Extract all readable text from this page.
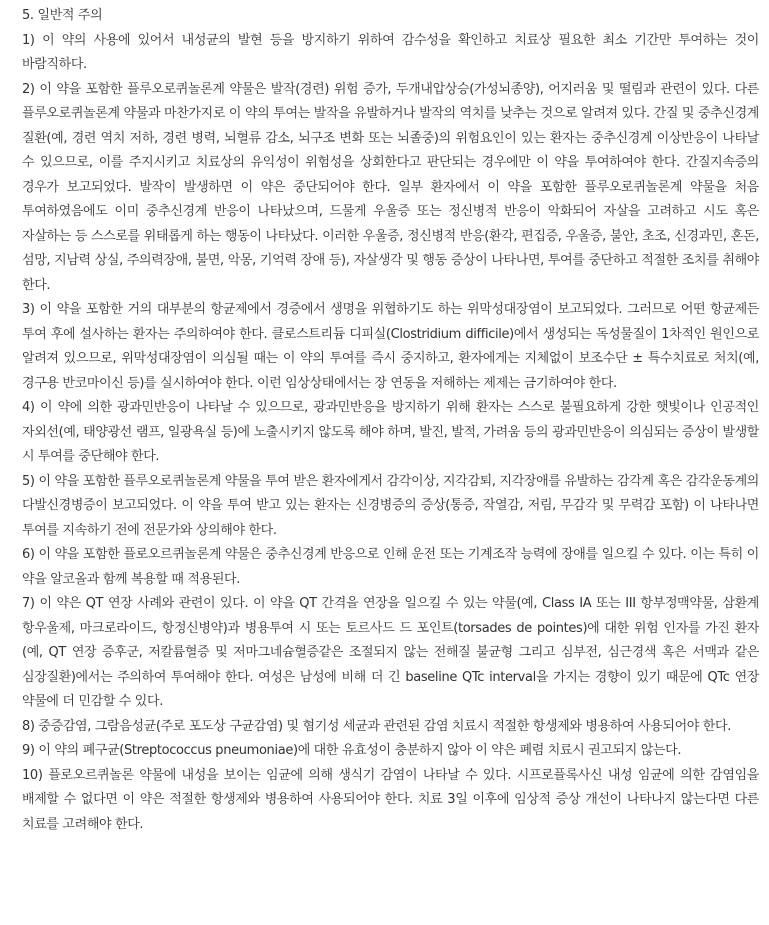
5. 일반적 주의

1) 이 약의 사용에 있어서 내성균의 발현 등을 방지하기 위하여 감수성을 확인하고 치료상 필요한 최소 기간만 투여하는 것이 바람직하다.

2) 이 약을 포함한 플루오로퀴놀론계 약물은 발작(경련) 위험 증가, 두개내압상승(가성뇌종양), 어지러움 및 떨림과 관련이 있다. 다른 플루오로퀴놀론계 약물과 마찬가지로 이 약의 투여는 발작을 유발하거나 발작의 역치를 낮추는 것으로 알려져 있다. 간질 및 중추신경계 질환(예, 경련 역치 저하, 경련 병력, 뇌혈류 감소, 뇌구조 변화 또는 뇌졸중)의 위험요인이 있는 환자는 중추신경계 이상반응이 나타날 수 있으므로, 이를 주지시키고 치료상의 유익성이 위험성을 상회한다고 판단되는 경우에만 이 약을 투여하여야 한다. 간질지속증의 경우가 보고되었다. 발작이 발생하면 이 약은 중단되어야 한다. 일부 환자에서 이 약을 포함한 플루오로퀴놀론계 약물을 처음 투여하였음에도 이미 중추신경계 반응이 나타났으며, 드물게 우울증 또는 정신병적 반응이 악화되어 자살을 고려하고 시도 혹은 자살하는 등 스스로를 위태롭게 하는 행동이 나타났다. 이러한 우울증, 정신병적 반응(환각, 편집증, 우울증, 불안, 초조, 신경과민, 혼돈, 섬망, 지남력 상실, 주의력장애, 불면, 악몽, 기억력 장애 등), 자살생각 및 행동 증상이 나타나면, 투여를 중단하고 적절한 조치를 취해야 한다.

3) 이 약을 포함한 거의 대부분의 항균제에서 경증에서 생명을 위협하기도 하는 위막성대장염이 보고되었다. 그러므로 어떤 항균제든 투여 후에 설사하는 환자는 주의하여야 한다. 클로스트리듐 디피실(Clostridium difficile)에서 생성되는 독성물질이 1차적인 원인으로 알려져 있으므로, 위막성대장염이 의심될 때는 이 약의 투여를 즉시 중지하고, 환자에게는 지체없이 보조수단 ± 특수치료로 처치(예, 경구용 반코마이신 등)를 실시하여야 한다. 이런 임상상태에서는 장 연동을 저해하는 제제는 금기하여야 한다.

4) 이 약에 의한 광과민반응이 나타날 수 있으므로, 광과민반응을 방지하기 위해 환자는 스스로 불필요하게 강한 햇빛이나 인공적인 자외선(예, 태양광선 램프, 일광욕실 등)에 노출시키지 않도록 해야 하며, 발진, 발적, 가려움 등의 광과민반응이 의심되는 증상이 발생할 시 투여를 중단해야 한다.

5) 이 약을 포함한 플루오로퀴놀론계 약물을 투여 받은 환자에게서 감각이상, 지각감퇴, 지각장애를 유발하는 감각계 혹은 감각운동계의 다발신경병증이 보고되었다. 이 약을 투여 받고 있는 환자는 신경병증의 증상(통증, 작열감, 저림, 무감각 및 무력감 포함) 이 나타나면 투여를 지속하기 전에 전문가와 상의해야 한다.

6) 이 약을 포함한 플로오르퀴놀론계 약물은 중추신경계 반응으로 인해 운전 또는 기계조작 능력에 장애를 일으킬 수 있다. 이는 특히 이 약을 알코올과 함께 복용할 때 적용된다.

7) 이 약은 QT 연장 사례와 관련이 있다. 이 약을 QT 간격을 연장을 일으킬 수 있는 약물(예, Class IA 또는 III 항부정맥약물, 삼환계 항우울제, 마크로라이드, 항정신병약)과 병용투여 시 또는 토르사드 드 포인트(torsades de pointes)에 대한 위험 인자를 가진 환자(예, QT 연장 증후군, 저칼륨혈증 및 저마그네슘혈증같은 조절되지 않는 전해질 불균형 그리고 심부전, 심근경색 혹은 서맥과 같은 심장질환)에서는 주의하여 투여해야 한다. 여성은 남성에 비해 더 긴 baseline QTc interval을 가지는 경향이 있기 때문에 QTc 연장 약물에 더 민감할 수 있다.

8) 중증감염, 그람음성균(주로 포도상 구균감염) 및 혐기성 세균과 관련된 감염 치료시 적절한 항생제와 병용하여 사용되어야 한다.

9) 이 약의 폐구균(Streptococcus pneumoniae)에 대한 유효성이 충분하지 않아 이 약은 폐렴 치료시 권고되지 않는다.

10) 플로오르퀴놀론 약물에 내성을 보이는 임균에 의해 생식기 감염이 나타날 수 있다. 시프로플록사신 내성 임균에 의한 감염임을 배제할 수 없다면 이 약은 적절한 항생제와 병용하여 사용되어야 한다. 치료 3일 이후에 임상적 증상 개선이 나타나지 않는다면 다른 치료를 고려해야 한다.
